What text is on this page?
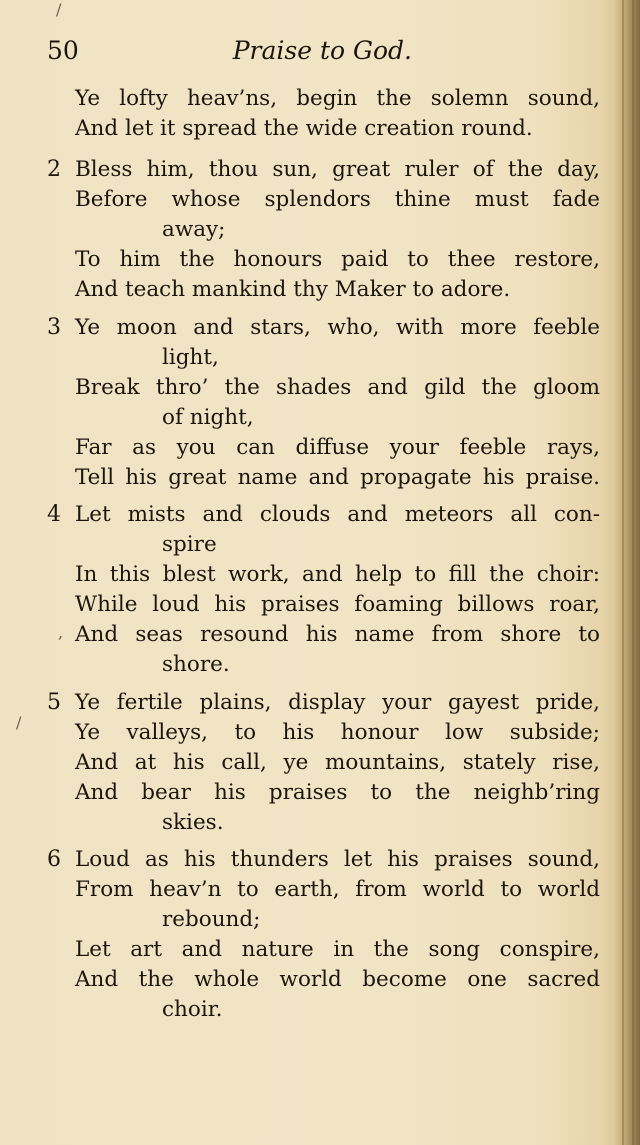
/
/
,
50	Praise to God.
Ye lofty heav’ns, begin the solemn sound,
And let it spread the wide creation round.
2 Bless him, thou sun, great ruler of the day,
Before whose splendors thine must fade
away;
To him the honours paid to thee restore,
And teach mankind thy Maker to adore.
3 Ye moon and stars, who, with more feeble
light,
Break thro’ the shades and gild the gloom
of night,
Far as you can diffuse your feeble rays,
Tell his great name and propagate his praise.
4 Let mists and clouds and meteors all con-
spire
In this blest work, and help to fill the choir:
While loud his praises foaming billows roar,
And seas resound his name from shore to
shore.
5 Ye fertile plains, display your gayest pride,
Ye valleys, to his honour low subside;
And at his call, ye mountains, stately rise,
And bear his praises to the neighb’ring
skies.
6 Loud as his thunders let his praises sound,
From heav’n to earth, from world to world
rebound;
Let art and nature in the song conspire,
And the whole world become one sacred
choir.
